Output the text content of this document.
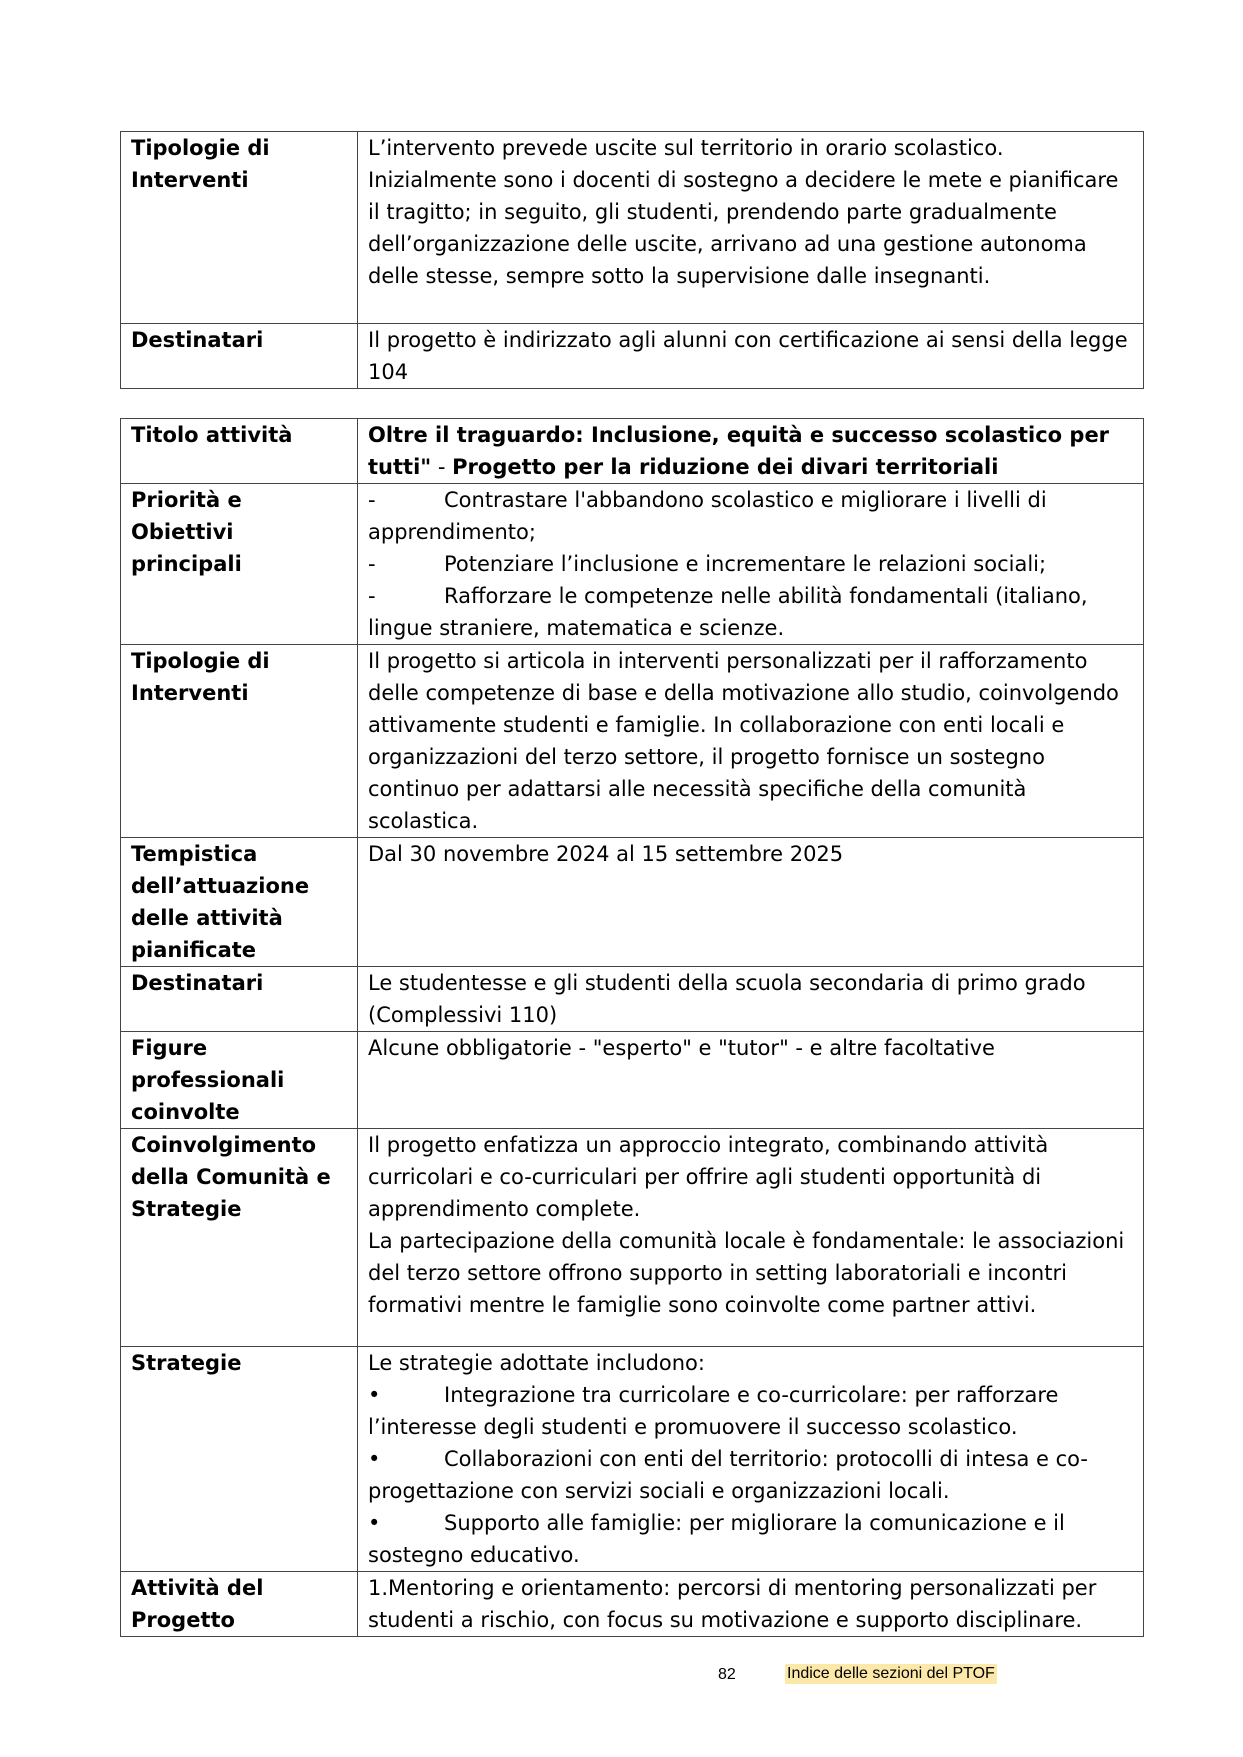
Tipologie di Interventi	L’intervento prevede uscite sul territorio in orario scolastico.
Inizialmente sono i docenti di sostegno a decidere le mete e pianificare il tragitto; in seguito, gli studenti, prendendo parte gradualmente dell’organizzazione delle uscite, arrivano ad una gestione autonoma delle stesse, sempre sotto la supervisione dalle insegnanti.

Destinatari	Il progetto è indirizzato agli alunni con certificazione ai sensi della legge 104
Titolo attività	Oltre il traguardo: Inclusione, equità e successo scolastico per tutti" - Progetto per la riduzione dei divari territoriali
Priorità e Obiettivi principali	- Contrastare l'abbandono scolastico e migliorare i livelli di apprendimento;
- Potenziare l’inclusione e incrementare le relazioni sociali;
- Rafforzare le competenze nelle abilità fondamentali (italiano, lingue straniere, matematica e scienze.

Tipologie di Interventi	Il progetto si articola in interventi personalizzati per il rafforzamento delle competenze di base e della motivazione allo studio, coinvolgendo attivamente studenti e famiglie. In collaborazione con enti locali e organizzazioni del terzo settore, il progetto fornisce un sostegno continuo per adattarsi alle necessità specifiche della comunità scolastica.
Tempistica dell’attuazione delle attività pianificate	Dal 30 novembre 2024 al 15 settembre 2025
Destinatari	Le studentesse e gli studenti della scuola secondaria di primo grado (Complessivi 110)
Figure professionali coinvolte	Alcune obbligatorie - "esperto" e "tutor" - e altre facoltative
Coinvolgimento della Comunità e Strategie	Il progetto enfatizza un approccio integrato, combinando attività curricolari e co-curriculari per offrire agli studenti opportunità di apprendimento complete.
La partecipazione della comunità locale è fondamentale: le associazioni del terzo settore offrono supporto in setting laboratoriali e incontri formativi mentre le famiglie sono coinvolte come partner attivi.
Strategie	Le strategie adottate includono:
• Integrazione tra curricolare e co-curricolare: per rafforzare l’interesse degli studenti e promuovere il successo scolastico.
• Collaborazioni con enti del territorio: protocolli di intesa e co-progettazione con servizi sociali e organizzazioni locali.
• Supporto alle famiglie: per migliorare la comunicazione e il sostegno educativo.

Attività del Progetto	1.Mentoring e orientamento: percorsi di mentoring personalizzati per studenti a rischio, con focus su motivazione e supporto disciplinare.
82	Indice delle sezioni del PTOF
